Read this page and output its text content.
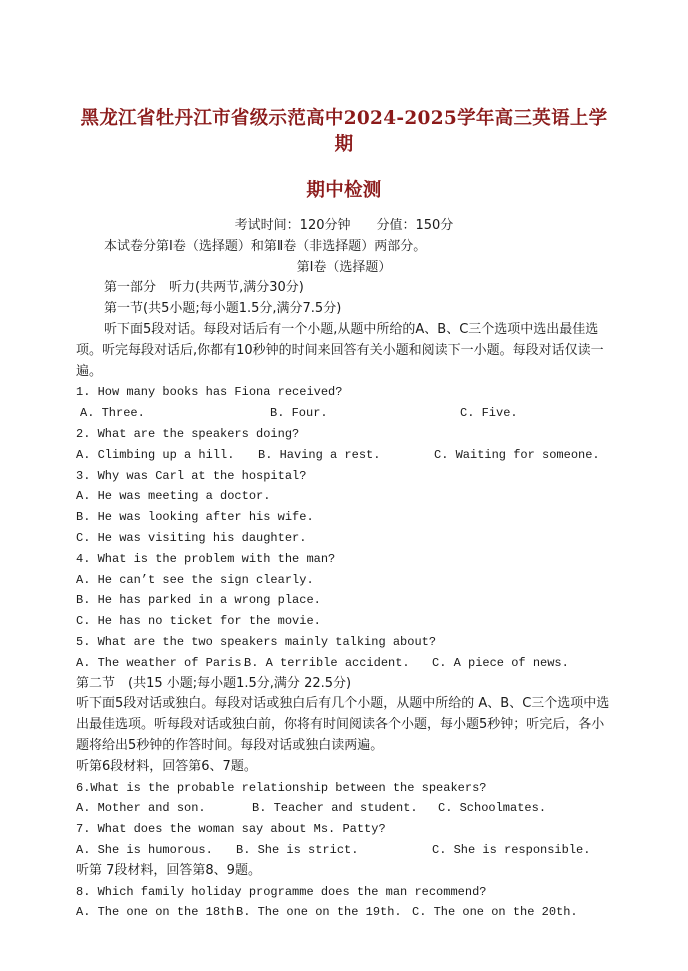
黑龙江省牡丹江市省级示范高中2024-2025学年高三英语上学期

期中检测

考试时间：120分钟　　分值：150分

本试卷分第Ⅰ卷（选择题）和第Ⅱ卷（非选择题）两部分。

第Ⅰ卷（选择题）

第一部分　听力(共两节,满分30分)

第一节(共5小题;每小题1.5分,满分7.5分)

听下面5段对话。每段对话后有一个小题,从题中所给的A、B、C三个选项中选出最佳选项。听完每段对话后,你都有10秒钟的时间来回答有关小题和阅读下一小题。每段对话仅读一遍。

1. How many books has Fiona received?

A. Three.	B. Four.	C. Five.

2. What are the speakers doing?

A. Climbing up a hill.	B. Having a rest.	C. Waiting for someone.

3. Why was Carl at the hospital?

A. He was meeting a doctor.

B. He was looking after his wife.

C. He was visiting his daughter.

4. What is the problem with the man?

A. He can’t see the sign clearly.

B. He has parked in a wrong place.

C. He has no ticket for the movie.

5. What are the two speakers mainly talking about?

A. The weather of Paris.
B. A terrible accident.	C. A piece of news.

第二节　(共15 小题;每小题1.5分,满分 22.5分)

听下面5段对话或独白。每段对话或独白后有几个小题，从题中所给的 A、B、C三个选项中选出最佳选项。听每段对话或独白前，你将有时间阅读各个小题，每小题5秒钟；听完后，各小题将给出5秒钟的作答时间。每段对话或独白读两遍。

听第6段材料，回答第6、7题。

6.What is the probable relationship between the speakers?

A. Mother and son.	B. Teacher and student.	C. Schoolmates.

7. What does the woman say about Ms. Patty?

A. She is humorous.	B. She is strict.	C. She is responsible.

听第 7段材料，回答第8、9题。

8. Which family holiday programme does the man recommend?

A. The one on the 18th.
B. The one on the 19th. C. The one on the 20th.
